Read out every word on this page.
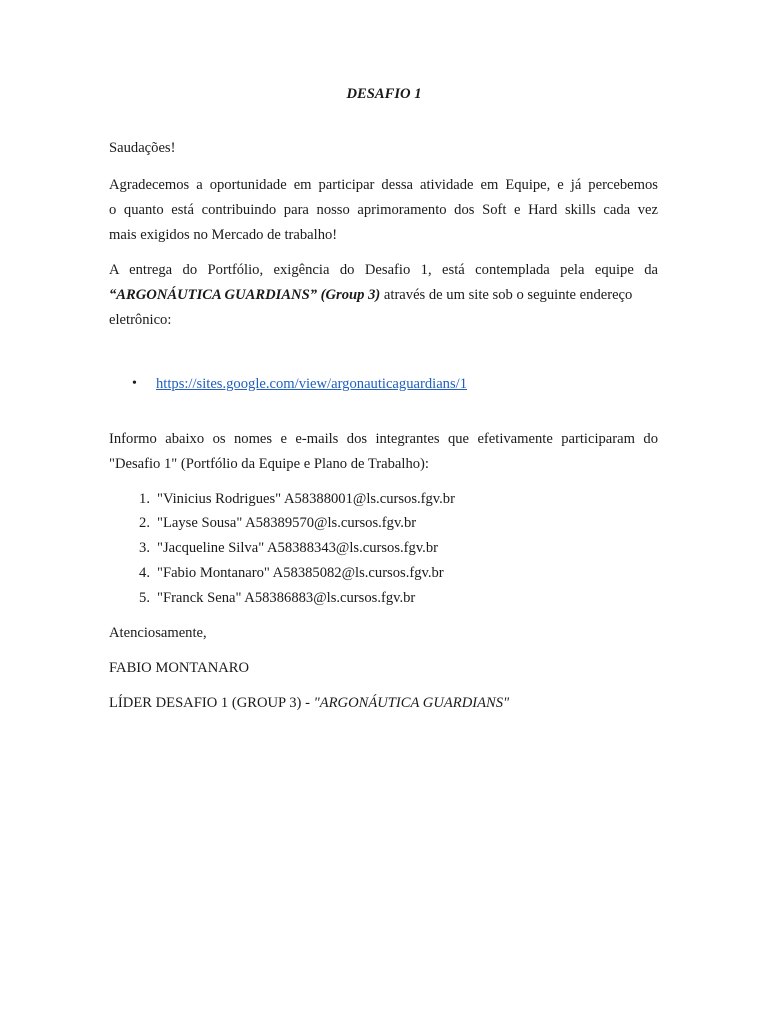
DESAFIO 1
Saudações!
Agradecemos a oportunidade em participar dessa atividade em Equipe, e já percebemos
o quanto está contribuindo para nosso aprimoramento dos Soft e Hard skills cada vez
mais exigidos no Mercado de trabalho!
A entrega do Portfólio, exigência do Desafio 1, está contemplada pela equipe da
“ARGONÁUTICA GUARDIANS” (Group 3) através de um site sob o seguinte endereço
eletrônico:
• https://sites.google.com/view/argonauticaguardians/1
Informo abaixo os nomes e e-mails dos integrantes que efetivamente participaram do
"Desafio 1" (Portfólio da Equipe e Plano de Trabalho):
1. "Vinicius Rodrigues" A58388001@ls.cursos.fgv.br
2. "Layse Sousa" A58389570@ls.cursos.fgv.br
3. "Jacqueline Silva" A58388343@ls.cursos.fgv.br
4. "Fabio Montanaro" A58385082@ls.cursos.fgv.br
5. "Franck Sena" A58386883@ls.cursos.fgv.br
Atenciosamente,
FABIO MONTANARO
LÍDER DESAFIO 1 (GROUP 3) - "ARGONÁUTICA GUARDIANS"
